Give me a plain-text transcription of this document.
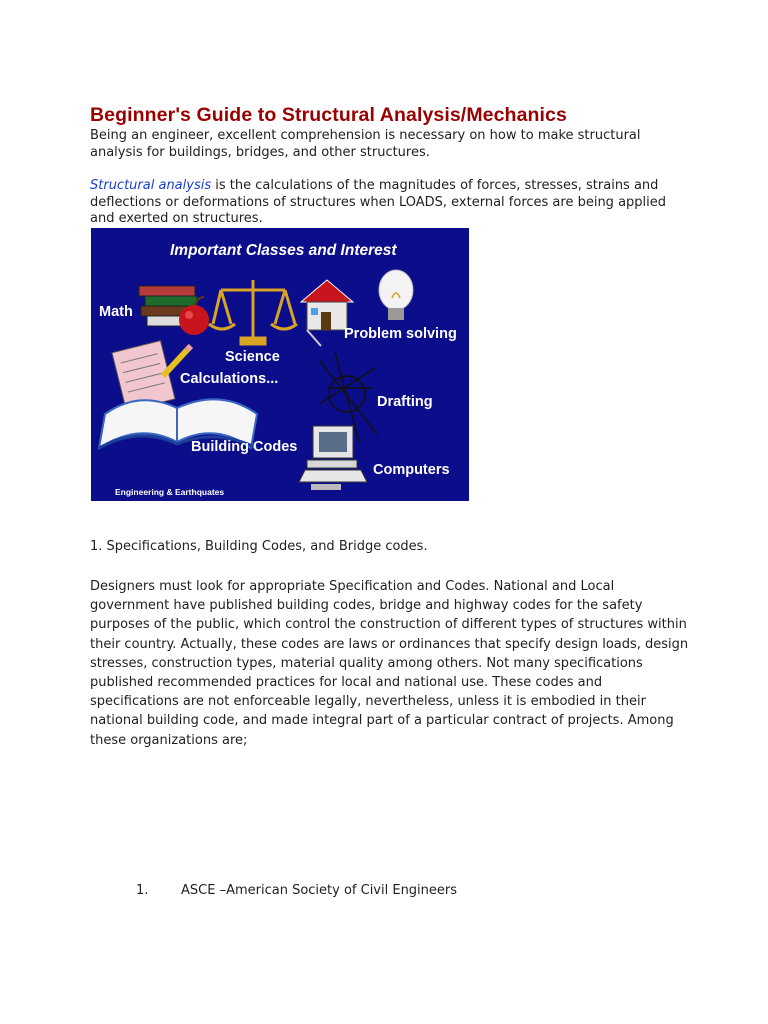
Beginner's Guide to Structural Analysis/Mechanics

Being an engineer, excellent comprehension is necessary on how to make structural analysis for buildings, bridges, and other structures.

Structural analysis is the calculations of the magnitudes of forces, stresses, strains and deflections or deformations of structures when LOADS, external forces are being applied and exerted on structures.

Important Classes and Interest
Math
Science
Problem solving
Calculations...
Drafting
Building Codes
Computers
Engineering & Earthquates

1. Specifications, Building Codes, and Bridge codes.

Designers must look for appropriate Specification and Codes. National and Local government have published building codes, bridge and highway codes for the safety purposes of the public, which control the construction of different types of structures within their country. Actually, these codes are laws or ordinances that specify design loads, design stresses, construction types, material quality among others. Not many specifications published recommended practices for local and national use. These codes and specifications are not enforceable legally, nevertheless, unless it is embodied in their national building code, and made integral part of a particular contract of projects. Among these organizations are;

1.	ASCE –American Society of Civil Engineers
